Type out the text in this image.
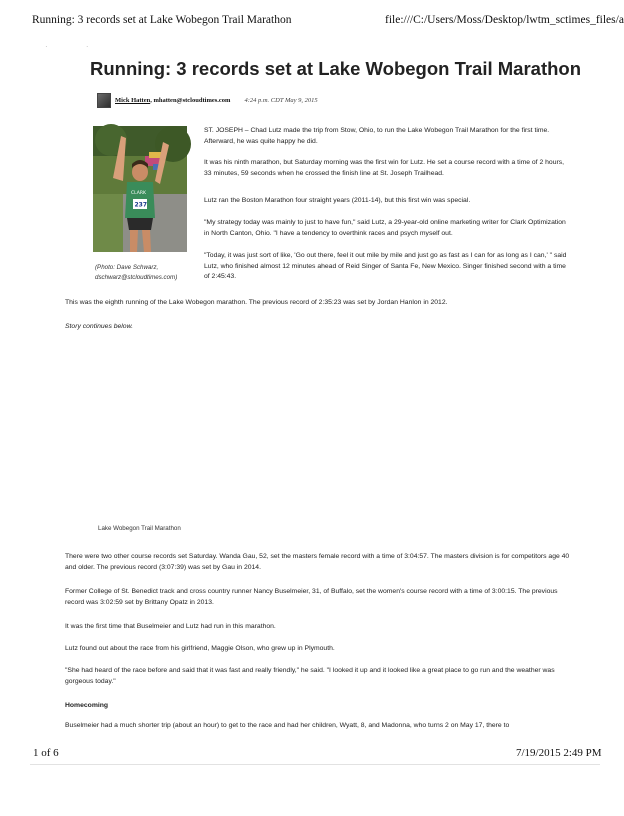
Running: 3 records set at Lake Wobegon Trail Marathon	file:///C:/Users/Moss/Desktop/lwtm_sctimes_files/a
· ·
Running: 3 records set at Lake Wobegon Trail Marathon
Mick Hatten, mhatten@stcloudtimes.com 4:24 p.m. CDT May 9, 2015
CLARK
237
(Photo: Dave Schwarz,
dschwarz@stcloudtimes.com)

ST. JOSEPH – Chad Lutz made the trip from Stow, Ohio, to run the Lake Wobegon Trail Marathon for the first time. Afterward, he was quite happy he did.

It was his ninth marathon, but Saturday morning was the first win for Lutz. He set a course record with a time of 2 hours, 33 minutes, 59 seconds when he crossed the finish line at St. Joseph Trailhead.

Lutz ran the Boston Marathon four straight years (2011-14), but this first win was special.

"My strategy today was mainly to just to have fun," said Lutz, a 29-year-old online marketing writer for Clark Optimization in North Canton, Ohio. "I have a tendency to overthink races and psych myself out.

"Today, it was just sort of like, 'Go out there, feel it out mile by mile and just go as fast as I can for as long as I can,' " said Lutz, who finished almost 12 minutes ahead of Reid Singer of Santa Fe, New Mexico. Singer finished second with a time of 2:45:43.

This was the eighth running of the Lake Wobegon marathon. The previous record of 2:35:23 was set by Jordan Hanlon in 2012.

Story continues below.

Lake Wobegon Trail Marathon

There were two other course records set Saturday. Wanda Gau, 52, set the masters female record with a time of 3:04:57. The masters division is for competitors age 40 and older. The previous record (3:07:39) was set by Gau in 2014.

Former College of St. Benedict track and cross country runner Nancy Buselmeier, 31, of Buffalo, set the women's course record with a time of 3:00:15. The previous record was 3:02:59 set by Brittany Opatz in 2013.

It was the first time that Buselmeier and Lutz had run in this marathon.

Lutz found out about the race from his girlfriend, Maggie Olson, who grew up in Plymouth.

"She had heard of the race before and said that it was fast and really friendly," he said. "I looked it up and it looked like a great place to go run and the weather was gorgeous today."

Homecoming

Buselmeier had a much shorter trip (about an hour) to get to the race and had her children, Wyatt, 8, and Madonna, who turns 2 on May 17, there to

1 of 6	7/19/2015 2:49 PM
